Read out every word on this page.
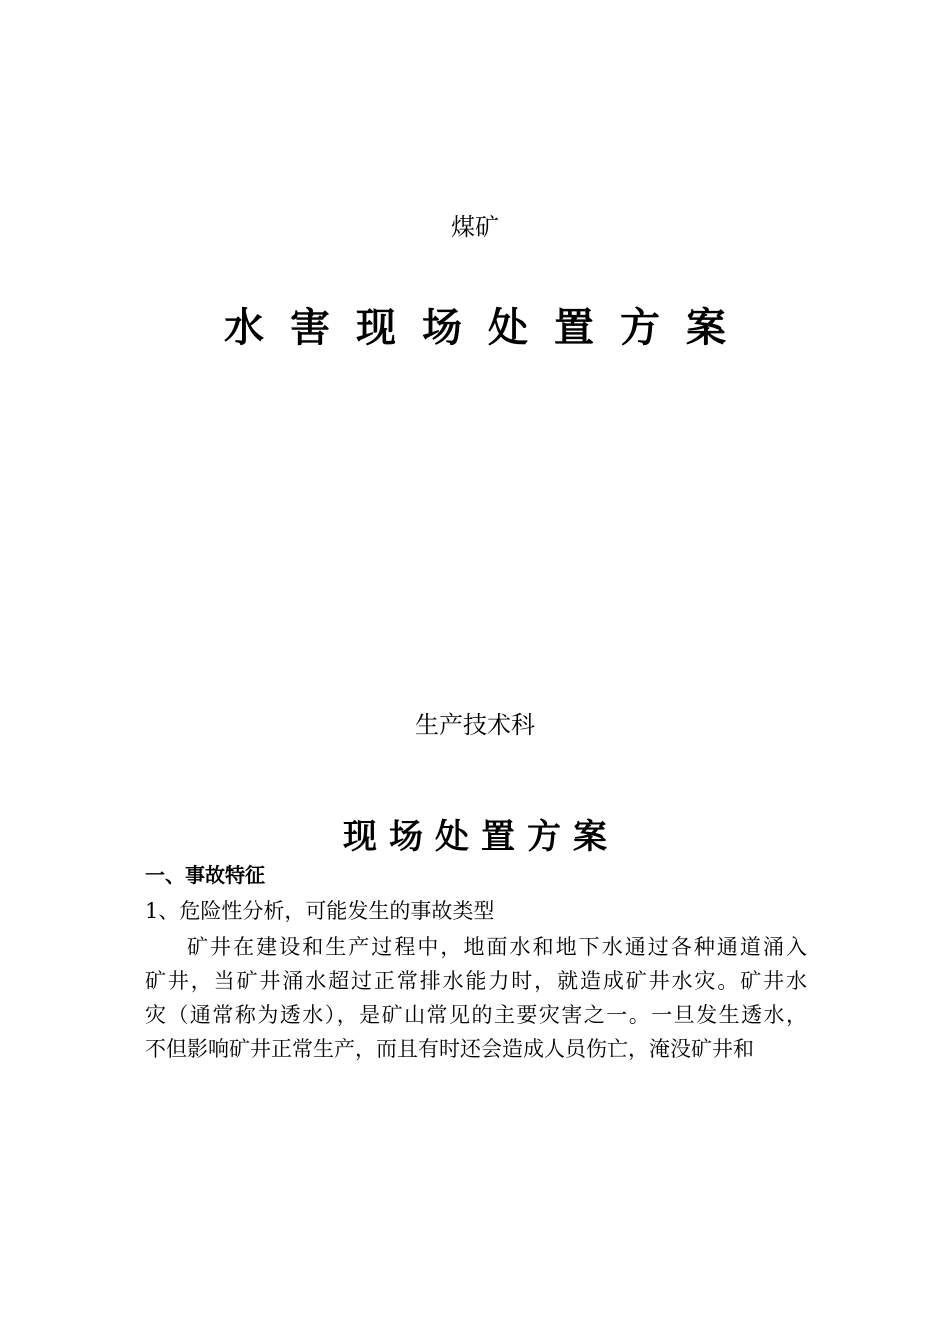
煤矿
水害现场处置方案
生产技术科
现场处置方案
一、事故特征
1、危险性分析，可能发生的事故类型
矿井在建设和生产过程中，地面水和地下水通过各种通道涌入
矿井，当矿井涌水超过正常排水能力时，就造成矿井水灾。矿井水
灾（通常称为透水），是矿山常见的主要灾害之一。一旦发生透水，
不但影响矿井正常生产，而且有时还会造成人员伤亡，淹没矿井和
